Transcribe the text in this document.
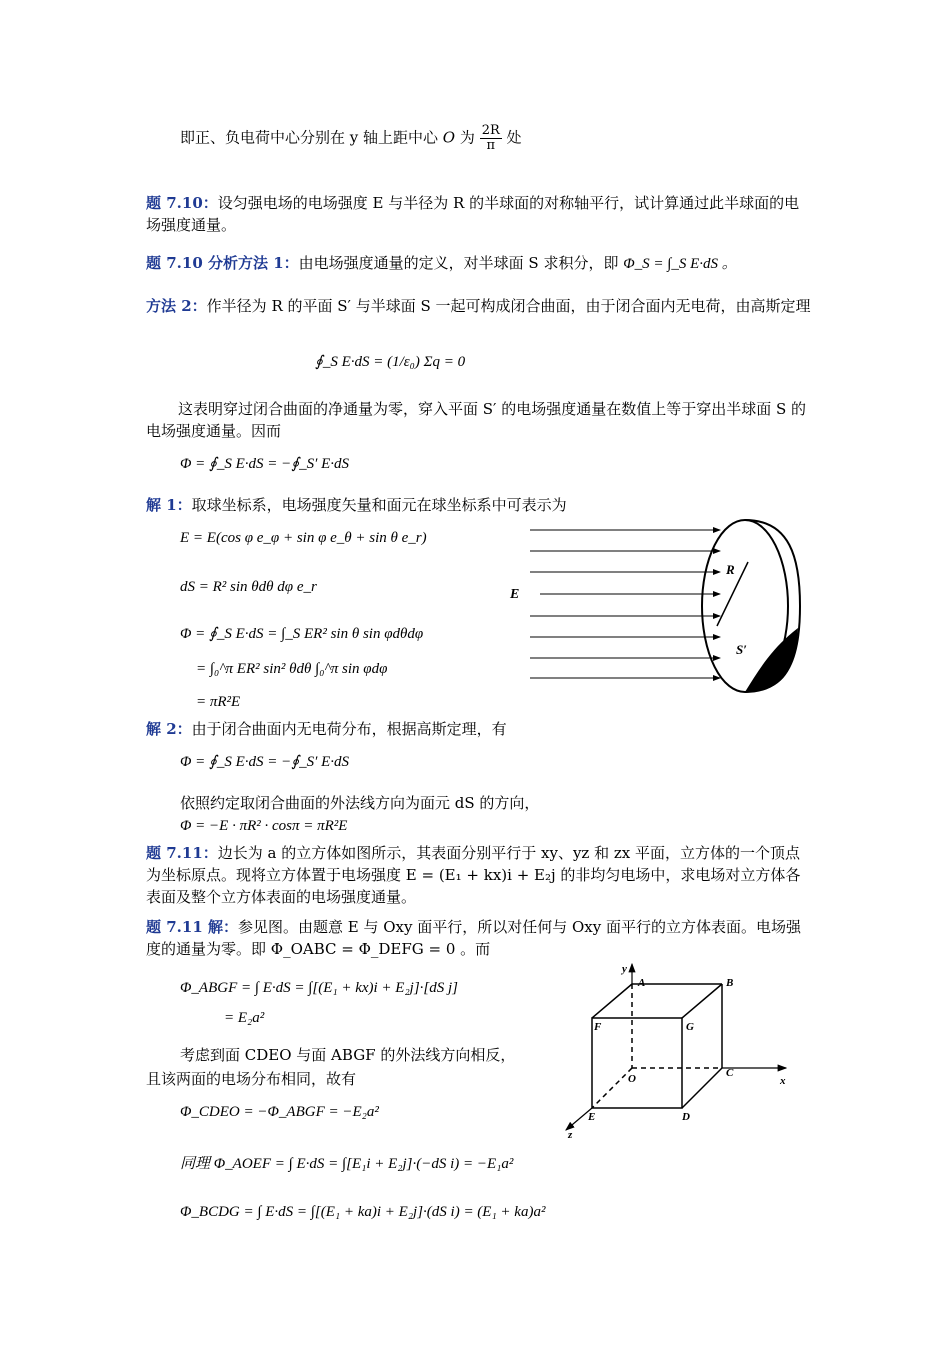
即正、负电荷中心分别在 y 轴上距中心 O 为 $\frac{2R}{\pi}$ 处
题 7.10：设匀强电场的电场强度 E 与半径为 R 的半球面的对称轴平行，试计算通过此半球面的电场强度通量。
题 7.10 分析方法 1：由电场强度通量的定义，对半球面 S 求积分，即 Φ_S = ∫_S E·dS 。
方法 2：作半径为 R 的平面 S′ 与半球面 S 一起可构成闭合曲面，由于闭合面内无电荷，由高斯定理
∮_S E·dS = (1/ε₀) Σq = 0
这表明穿过闭合曲面的净通量为零，穿入平面 S′ 的电场强度通量在数值上等于穿出半球面 S 的电场强度通量。因而
Φ = ∮_S E·dS = −∮_S′ E·dS
解 1：取球坐标系，电场强度矢量和面元在球坐标系中可表示为
E = E(cos φ e_φ + sin φ e_θ + sin θ e_r)
dS = R² sin θdθ dφ e_r
Φ = ∮_S E·dS = ∫_S ER² sin θ sin φdθdφ
= ∫₀^π ER² sin² θdθ ∫₀^π sin φdφ
= πR²E
E
R
S′
解 2：由于闭合曲面内无电荷分布，根据高斯定理，有
Φ = ∮_S E·dS = −∮_S′ E·dS
依照约定取闭合曲面的外法线方向为面元 dS 的方向，
Φ = −E · πR² · cosπ = πR²E
题 7.11：边长为 a 的立方体如图所示，其表面分别平行于 xy、yz 和 zx 平面，立方体的一个顶点为坐标原点。现将立方体置于电场强度 E = (E₁ + kx)i + E₂j 的非均匀电场中，求电场对立方体各表面及整个立方体表面的电场强度通量。
题 7.11 解：参见图。由题意 E 与 Oxy 面平行，所以对任何与 Oxy 面平行的立方体表面。电场强度的通量为零。即 Φ_OABC = Φ_DEFG = 0 。而
Φ_ABGF = ∫ E·dS = ∫[(E₁ + kx)i + E₂j]·[dS j]
= E₂a²
考虑到面 CDEO 与面 ABGF 的外法线方向相反，
且该两面的电场分布相同，故有
Φ_CDEO = −Φ_ABGF = −E₂a²
y
x
z
A	B
C
D
E
F	G
O
同理 Φ_AOEF = ∫ E·dS = ∫[E₁i + E₂j]·(−dS i) = −E₁a²
Φ_BCDG = ∫ E·dS = ∫[(E₁ + ka)i + E₂j]·(dS i) = (E₁ + ka)a²
